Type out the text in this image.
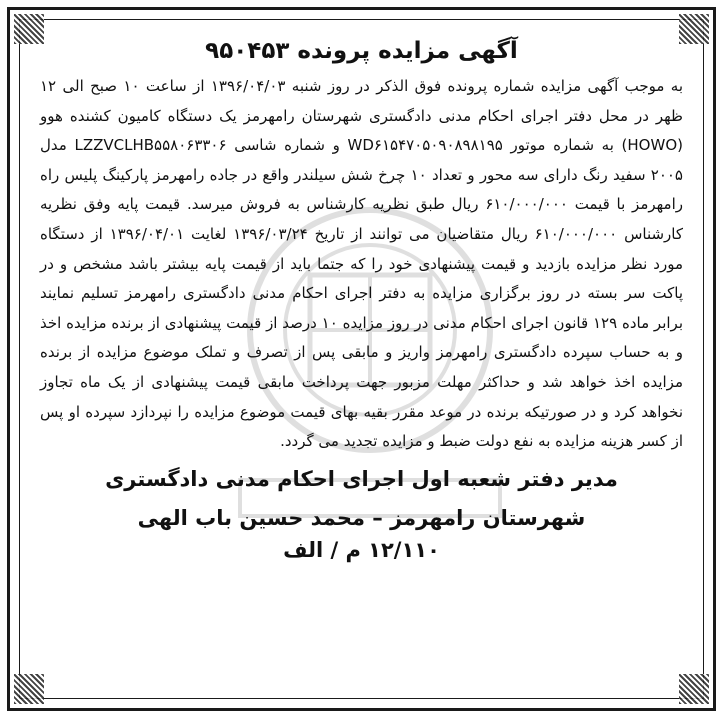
آگهی مزایده پرونده ۹۵۰۴۵۳

به موجب آگهی مزایده شماره پرونده فوق الذکر در روز شنبه ۱۳۹۶/۰۴/۰۳ از ساعت ۱۰ صبح الی ۱۲ ظهر در محل دفتر اجرای احکام مدنی دادگستری شهرستان رامهرمز یک دستگاه کامیون کشنده هوو (HOWO) به شماره موتور WD۶۱۵۴۷۰۵۰۹۰۸۹۸۱۹۵ و شماره شاسی LZZVCLHB۵۵۸۰۶۳۳۰۶ مدل ۲۰۰۵ سفید رنگ دارای سه محور و تعداد ۱۰ چرخ شش سیلندر واقع در جاده رامهرمز پارکینگ پلیس راه رامهرمز با قیمت ۶۱۰/۰۰۰/۰۰۰ ریال طبق نظریه کارشناس به فروش میرسد. قیمت پایه وفق نظریه کارشناس ۶۱۰/۰۰۰/۰۰۰ ریال متقاضیان می توانند از تاریخ ۱۳۹۶/۰۳/۲۴ لغایت ۱۳۹۶/۰۴/۰۱ از دستگاه مورد نظر مزایده بازدید و قیمت پیشنهادی خود را که جتما باید از قیمت پایه بیشتر باشد مشخص و در پاکت سر بسته در روز برگزاری مزایده به دفتر اجرای احکام مدنی دادگستری رامهرمز تسلیم نمایند برابر ماده ۱۲۹ قانون اجرای احکام مدنی در روز مزایده ۱۰ درصد از قیمت پیشنهادی از برنده مزایده اخذ و به حساب سپرده دادگستری رامهرمز واریز و مابقی پس از تصرف و تملک موضوع مزایده از برنده مزایده اخذ خواهد شد و حداکثر مهلت مزبور جهت پرداخت مابقی قیمت پیشنهادی از یک ماه تجاوز نخواهد کرد و در صورتیکه برنده در موعد مقرر بقیه بهای قیمت موضوع مزایده را نپردازد سپرده او پس از کسر هزینه مزایده به نفع دولت ضبط و مزایده تجدید می گردد.

مدیر دفتر شعبه اول اجرای احکام مدنی دادگستری
شهرستان رامهرمز – محمد حسین باب الهی
۱۲/۱۱۰ م / الف
